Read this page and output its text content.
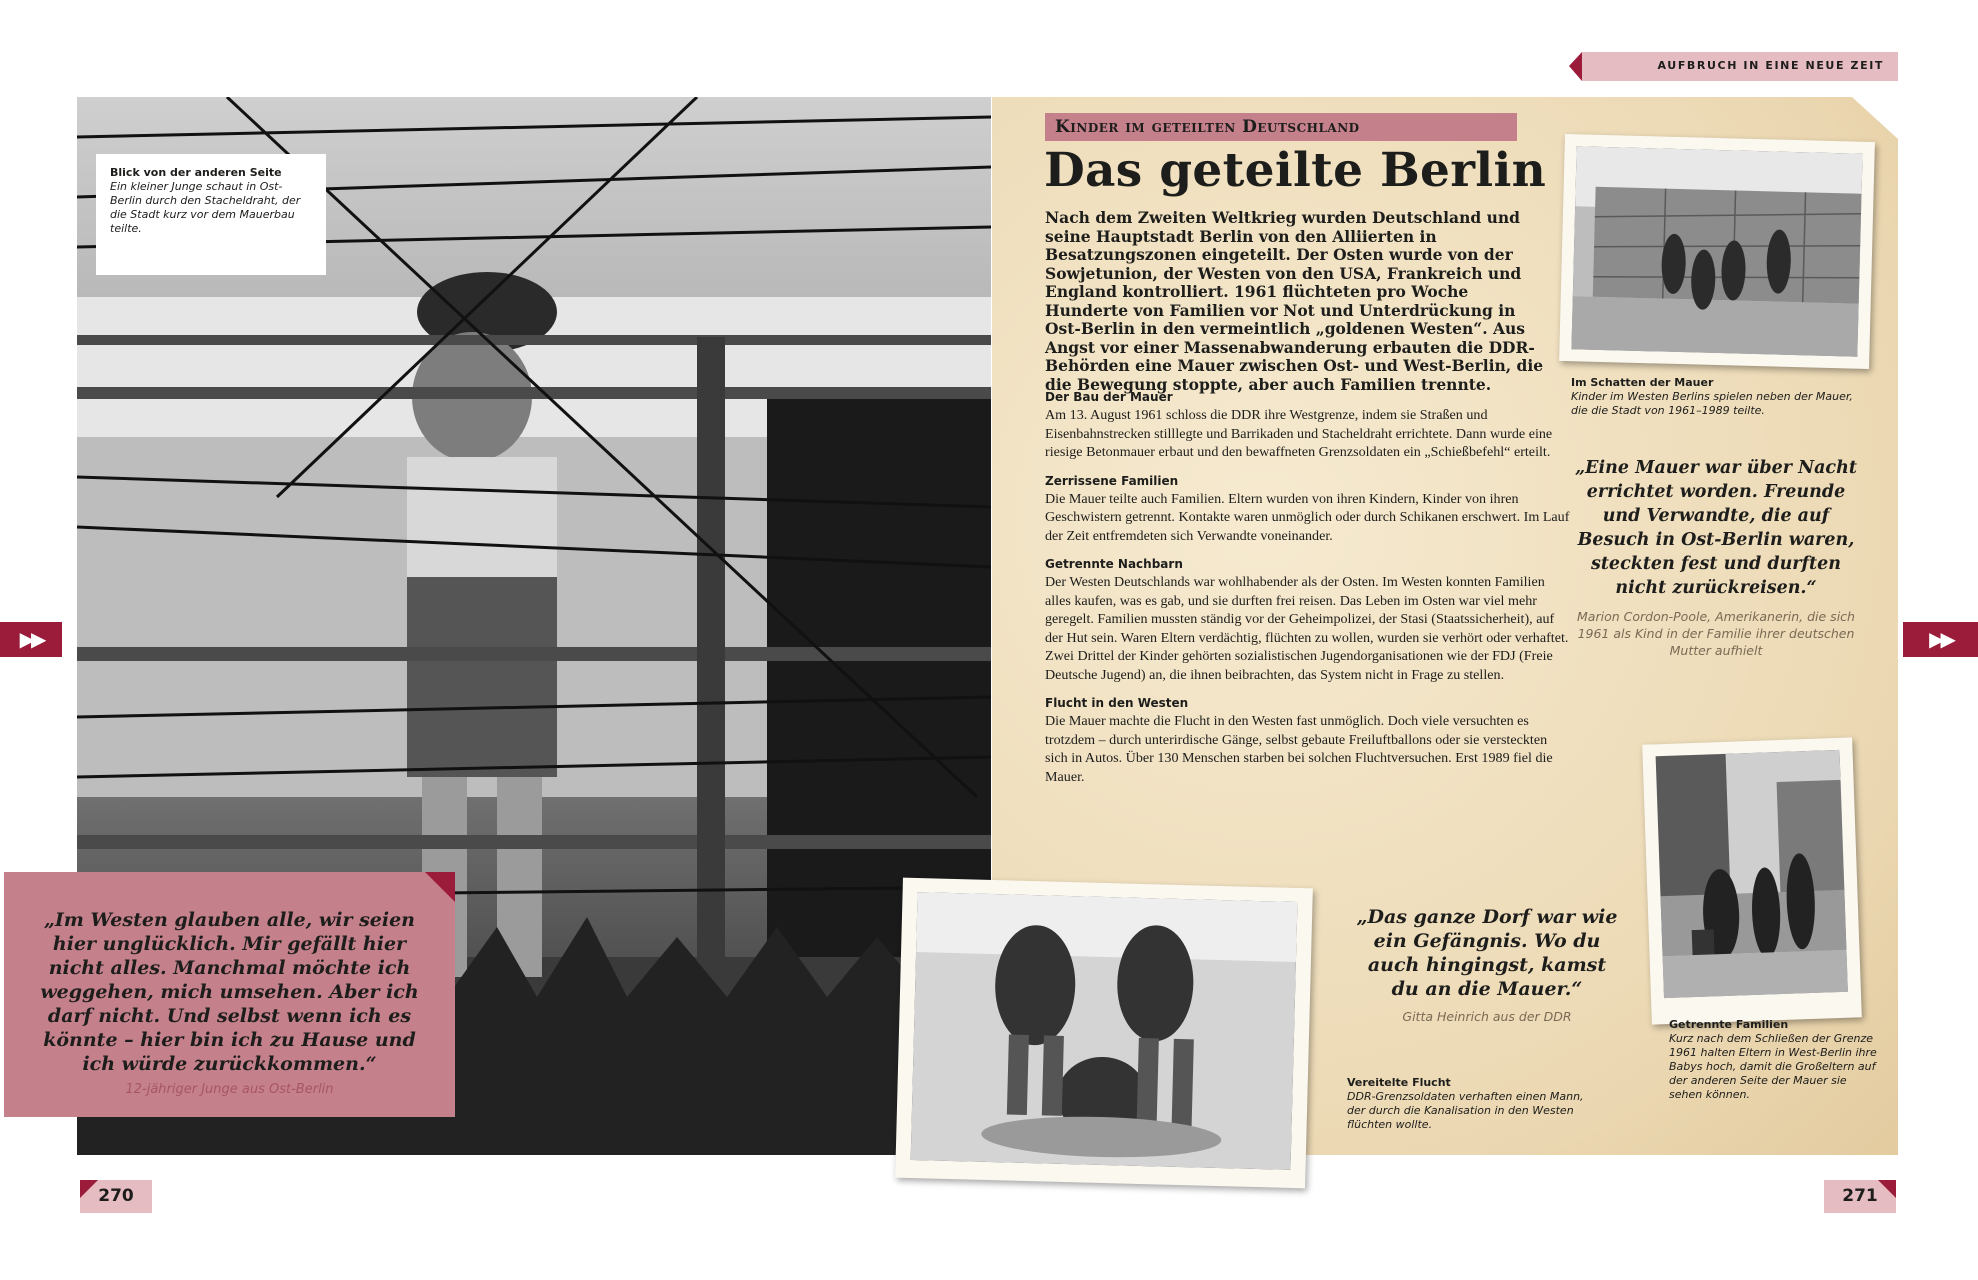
AUFBRUCH IN EINE NEUE ZEIT
Blick von der anderen Seite
Ein kleiner Junge schaut in Ost-Berlin durch den Stacheldraht, der die Stadt kurz vor dem Mauerbau teilte.
„Im Westen glauben alle, wir seien hier unglücklich. Mir gefällt hier nicht alles. Manchmal möchte ich weggehen, mich umsehen. Aber ich darf nicht. Und selbst wenn ich es könnte – hier bin ich zu Hause und ich würde zurückkommen.“
12-jähriger Junge aus Ost-Berlin
▶▶	▶▶
270	271
Kinder im geteilten Deutschland
Das geteilte Berlin
Nach dem Zweiten Weltkrieg wurden Deutschland und seine Hauptstadt Berlin von den Alliierten in Besatzungszonen eingeteilt. Der Osten wurde von der Sowjetunion, der Westen von den USA, Frankreich und England kontrolliert. 1961 flüchteten pro Woche Hunderte von Familien vor Not und Unterdrückung in Ost-Berlin in den vermeintlich „goldenen Westen“. Aus Angst vor einer Massenabwanderung erbauten die DDR-Behörden eine Mauer zwischen Ost- und West-Berlin, die die Bewegung stoppte, aber auch Familien trennte.
Der Bau der Mauer

Am 13. August 1961 schloss die DDR ihre Westgrenze, indem sie Straßen und Eisenbahnstrecken stilllegte und Barrikaden und Stacheldraht errichtete. Dann wurde eine riesige Betonmauer erbaut und den bewaffneten Grenzsoldaten ein „Schießbefehl“ erteilt.

Zerrissene Familien

Die Mauer teilte auch Familien. Eltern wurden von ihren Kindern, Kinder von ihren Geschwistern getrennt. Kontakte waren unmöglich oder durch Schikanen erschwert. Im Lauf der Zeit entfremdeten sich Verwandte voneinander.

Getrennte Nachbarn

Der Westen Deutschlands war wohlhabender als der Osten. Im Westen konnten Familien alles kaufen, was es gab, und sie durften frei reisen. Das Leben im Osten war viel mehr geregelt. Familien mussten ständig vor der Geheimpolizei, der Stasi (Staatssicherheit), auf der Hut sein. Waren Eltern verdächtig, flüchten zu wollen, wurden sie verhört oder verhaftet. Zwei Drittel der Kinder gehörten sozialistischen Jugendorganisationen wie der FDJ (Freie Deutsche Jugend) an, die ihnen beibrachten, das System nicht in Frage zu stellen.

Flucht in den Westen

Die Mauer machte die Flucht in den Westen fast unmöglich. Doch viele versuchten es trotzdem – durch unterirdische Gänge, selbst gebaute Freiluftballons oder sie versteckten sich in Autos. Über 130 Menschen starben bei solchen Fluchtversuchen. Erst 1989 fiel die Mauer.

Im Schatten der Mauer
Kinder im Westen Berlins spielen neben der Mauer, die die Stadt von 1961–1989 teilte.
„Eine Mauer war über Nacht errichtet worden. Freunde und Verwandte, die auf Besuch in Ost-Berlin waren, steckten fest und durften nicht zurückreisen.“
Marion Cordon-Poole, Amerikanerin, die sich 1961 als Kind in der Familie ihrer deutschen Mutter aufhielt
Getrennte Familien
Kurz nach dem Schließen der Grenze 1961 halten Eltern in West-Berlin ihre Babys hoch, damit die Großeltern auf der anderen Seite der Mauer sie sehen können.
Vereitelte Flucht
DDR-Grenzsoldaten verhaften einen Mann, der durch die Kanalisation in den Westen flüchten wollte.
„Das ganze Dorf war wie ein Gefängnis. Wo du auch hingingst, kamst du an die Mauer.“
Gitta Heinrich aus der DDR
